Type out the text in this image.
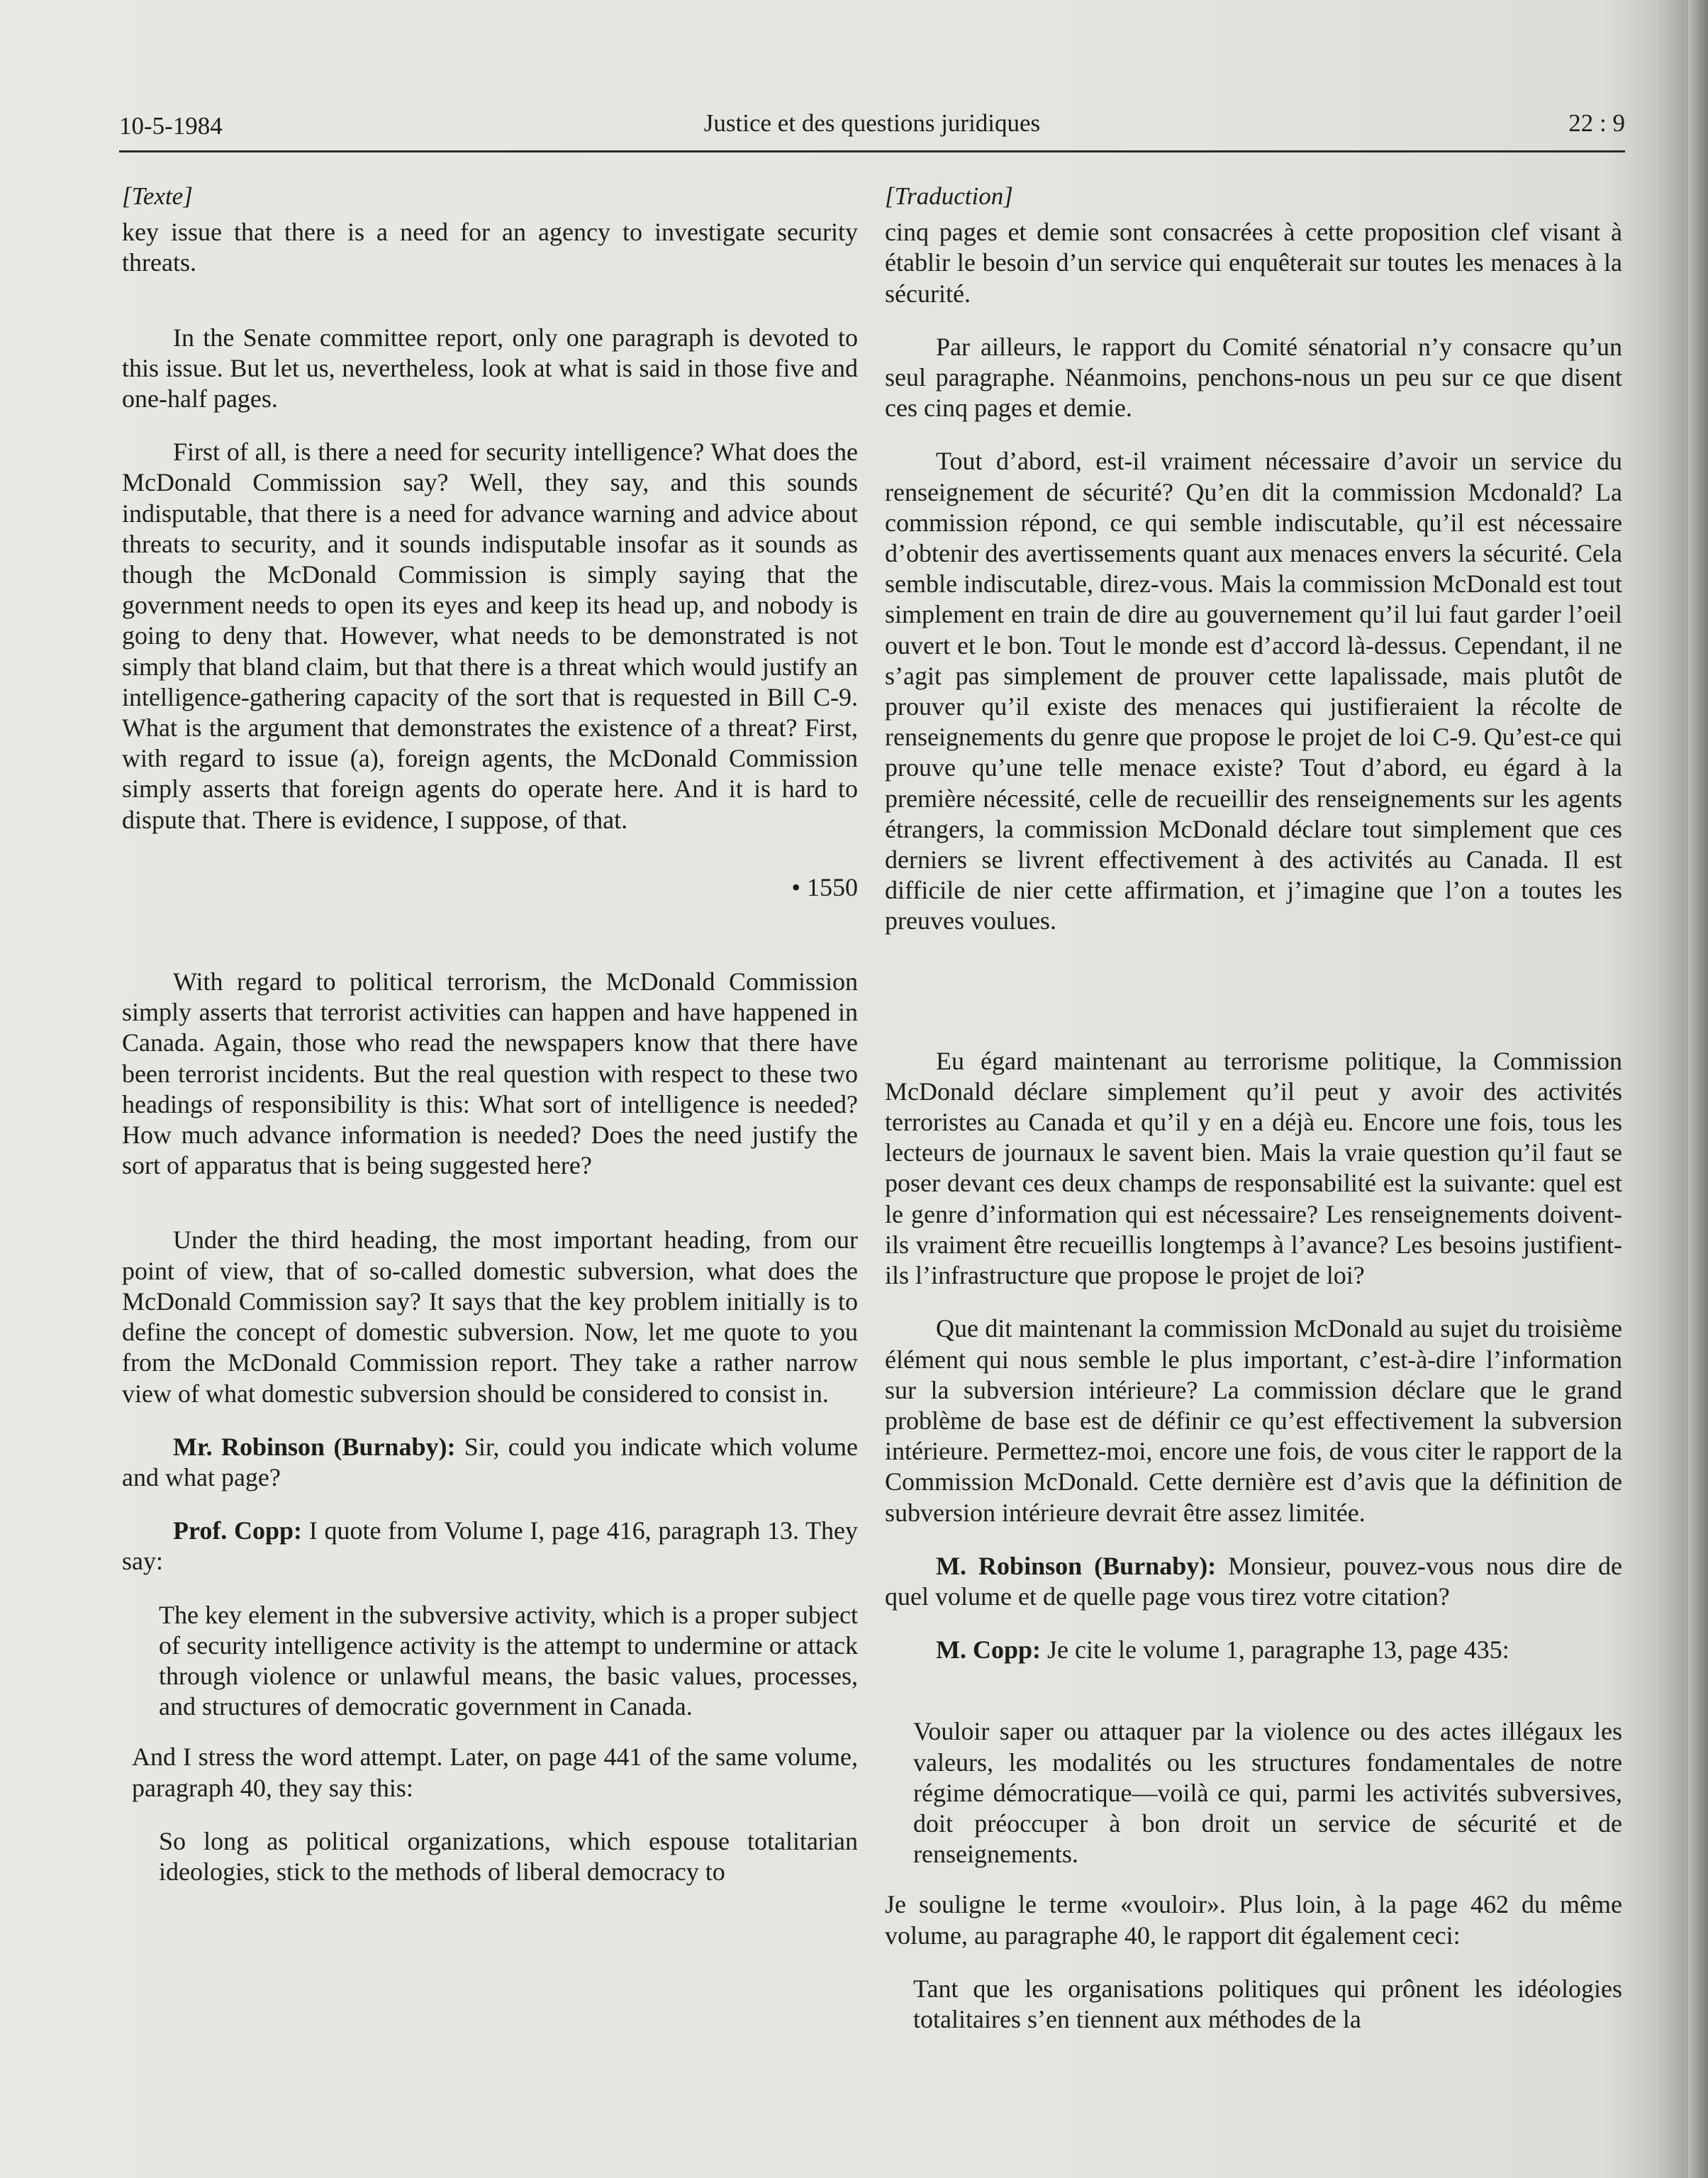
10-5-1984	Justice et des questions juridiques	22 : 9
[Texte]

key issue that there is a need for an agency to investigate security threats.

In the Senate committee report, only one paragraph is devoted to this issue. But let us, nevertheless, look at what is said in those five and one-half pages.

First of all, is there a need for security intelligence? What does the McDonald Commission say? Well, they say, and this sounds indisputable, that there is a need for advance warning and advice about threats to security, and it sounds indisputable insofar as it sounds as though the McDonald Commission is simply saying that the government needs to open its eyes and keep its head up, and nobody is going to deny that. However, what needs to be demonstrated is not simply that bland claim, but that there is a threat which would justify an intelligence-gathering capacity of the sort that is requested in Bill C-9. What is the argument that demonstrates the existence of a threat? First, with regard to issue (a), foreign agents, the McDonald Commission simply asserts that foreign agents do operate here. And it is hard to dispute that. There is evidence, I suppose, of that.

• 1550

With regard to political terrorism, the McDonald Commission simply asserts that terrorist activities can happen and have happened in Canada. Again, those who read the newspapers know that there have been terrorist incidents. But the real question with respect to these two headings of responsibility is this: What sort of intelligence is needed? How much advance information is needed? Does the need justify the sort of apparatus that is being suggested here?

Under the third heading, the most important heading, from our point of view, that of so-called domestic subversion, what does the McDonald Commission say? It says that the key problem initially is to define the concept of domestic subversion. Now, let me quote to you from the McDonald Commission report. They take a rather narrow view of what domestic subversion should be considered to consist in.

Mr. Robinson (Burnaby): Sir, could you indicate which volume and what page?

Prof. Copp: I quote from Volume I, page 416, paragraph 13. They say:

The key element in the subversive activity, which is a proper subject of security intelligence activity is the attempt to undermine or attack through violence or unlawful means, the basic values, processes, and structures of democratic government in Canada.

And I stress the word attempt. Later, on page 441 of the same volume, paragraph 40, they say this:

So long as political organizations, which espouse totalitarian ideologies, stick to the methods of liberal democracy to

[Traduction]

cinq pages et demie sont consacrées à cette proposition clef visant à établir le besoin d’un service qui enquêterait sur toutes les menaces à la sécurité.

Par ailleurs, le rapport du Comité sénatorial n’y consacre qu’un seul paragraphe. Néanmoins, penchons-nous un peu sur ce que disent ces cinq pages et demie.

Tout d’abord, est-il vraiment nécessaire d’avoir un service du renseignement de sécurité? Qu’en dit la commission Mcdonald? La commission répond, ce qui semble indiscutable, qu’il est nécessaire d’obtenir des avertissements quant aux menaces envers la sécurité. Cela semble indiscutable, direz-vous. Mais la commission McDonald est tout simplement en train de dire au gouvernement qu’il lui faut garder l’oeil ouvert et le bon. Tout le monde est d’accord là-dessus. Cependant, il ne s’agit pas simplement de prouver cette lapalissade, mais plutôt de prouver qu’il existe des menaces qui justifieraient la récolte de renseignements du genre que propose le projet de loi C-9. Qu’est-ce qui prouve qu’une telle menace existe? Tout d’abord, eu égard à la première nécessité, celle de recueillir des renseignements sur les agents étrangers, la commission McDonald déclare tout simplement que ces derniers se livrent effectivement à des activités au Canada. Il est difficile de nier cette affirmation, et j’imagine que l’on a toutes les preuves voulues.

Eu égard maintenant au terrorisme politique, la Commission McDonald déclare simplement qu’il peut y avoir des activités terroristes au Canada et qu’il y en a déjà eu. Encore une fois, tous les lecteurs de journaux le savent bien. Mais la vraie question qu’il faut se poser devant ces deux champs de responsabilité est la suivante: quel est le genre d’information qui est nécessaire? Les renseignements doivent-ils vraiment être recueillis longtemps à l’avance? Les besoins justifient-ils l’infrastructure que propose le projet de loi?

Que dit maintenant la commission McDonald au sujet du troisième élément qui nous semble le plus important, c’est-à-dire l’information sur la subversion intérieure? La commission déclare que le grand problème de base est de définir ce qu’est effectivement la subversion intérieure. Permettez-moi, encore une fois, de vous citer le rapport de la Commission McDonald. Cette dernière est d’avis que la définition de subversion intérieure devrait être assez limitée.

M. Robinson (Burnaby): Monsieur, pouvez-vous nous dire de quel volume et de quelle page vous tirez votre citation?

M. Copp: Je cite le volume 1, paragraphe 13, page 435:

Vouloir saper ou attaquer par la violence ou des actes illégaux les valeurs, les modalités ou les structures fondamentales de notre régime démocratique—voilà ce qui, parmi les activités subversives, doit préoccuper à bon droit un service de sécurité et de renseignements.

Je souligne le terme «vouloir». Plus loin, à la page 462 du même volume, au paragraphe 40, le rapport dit également ceci:

Tant que les organisations politiques qui prônent les idéologies totalitaires s’en tiennent aux méthodes de la
